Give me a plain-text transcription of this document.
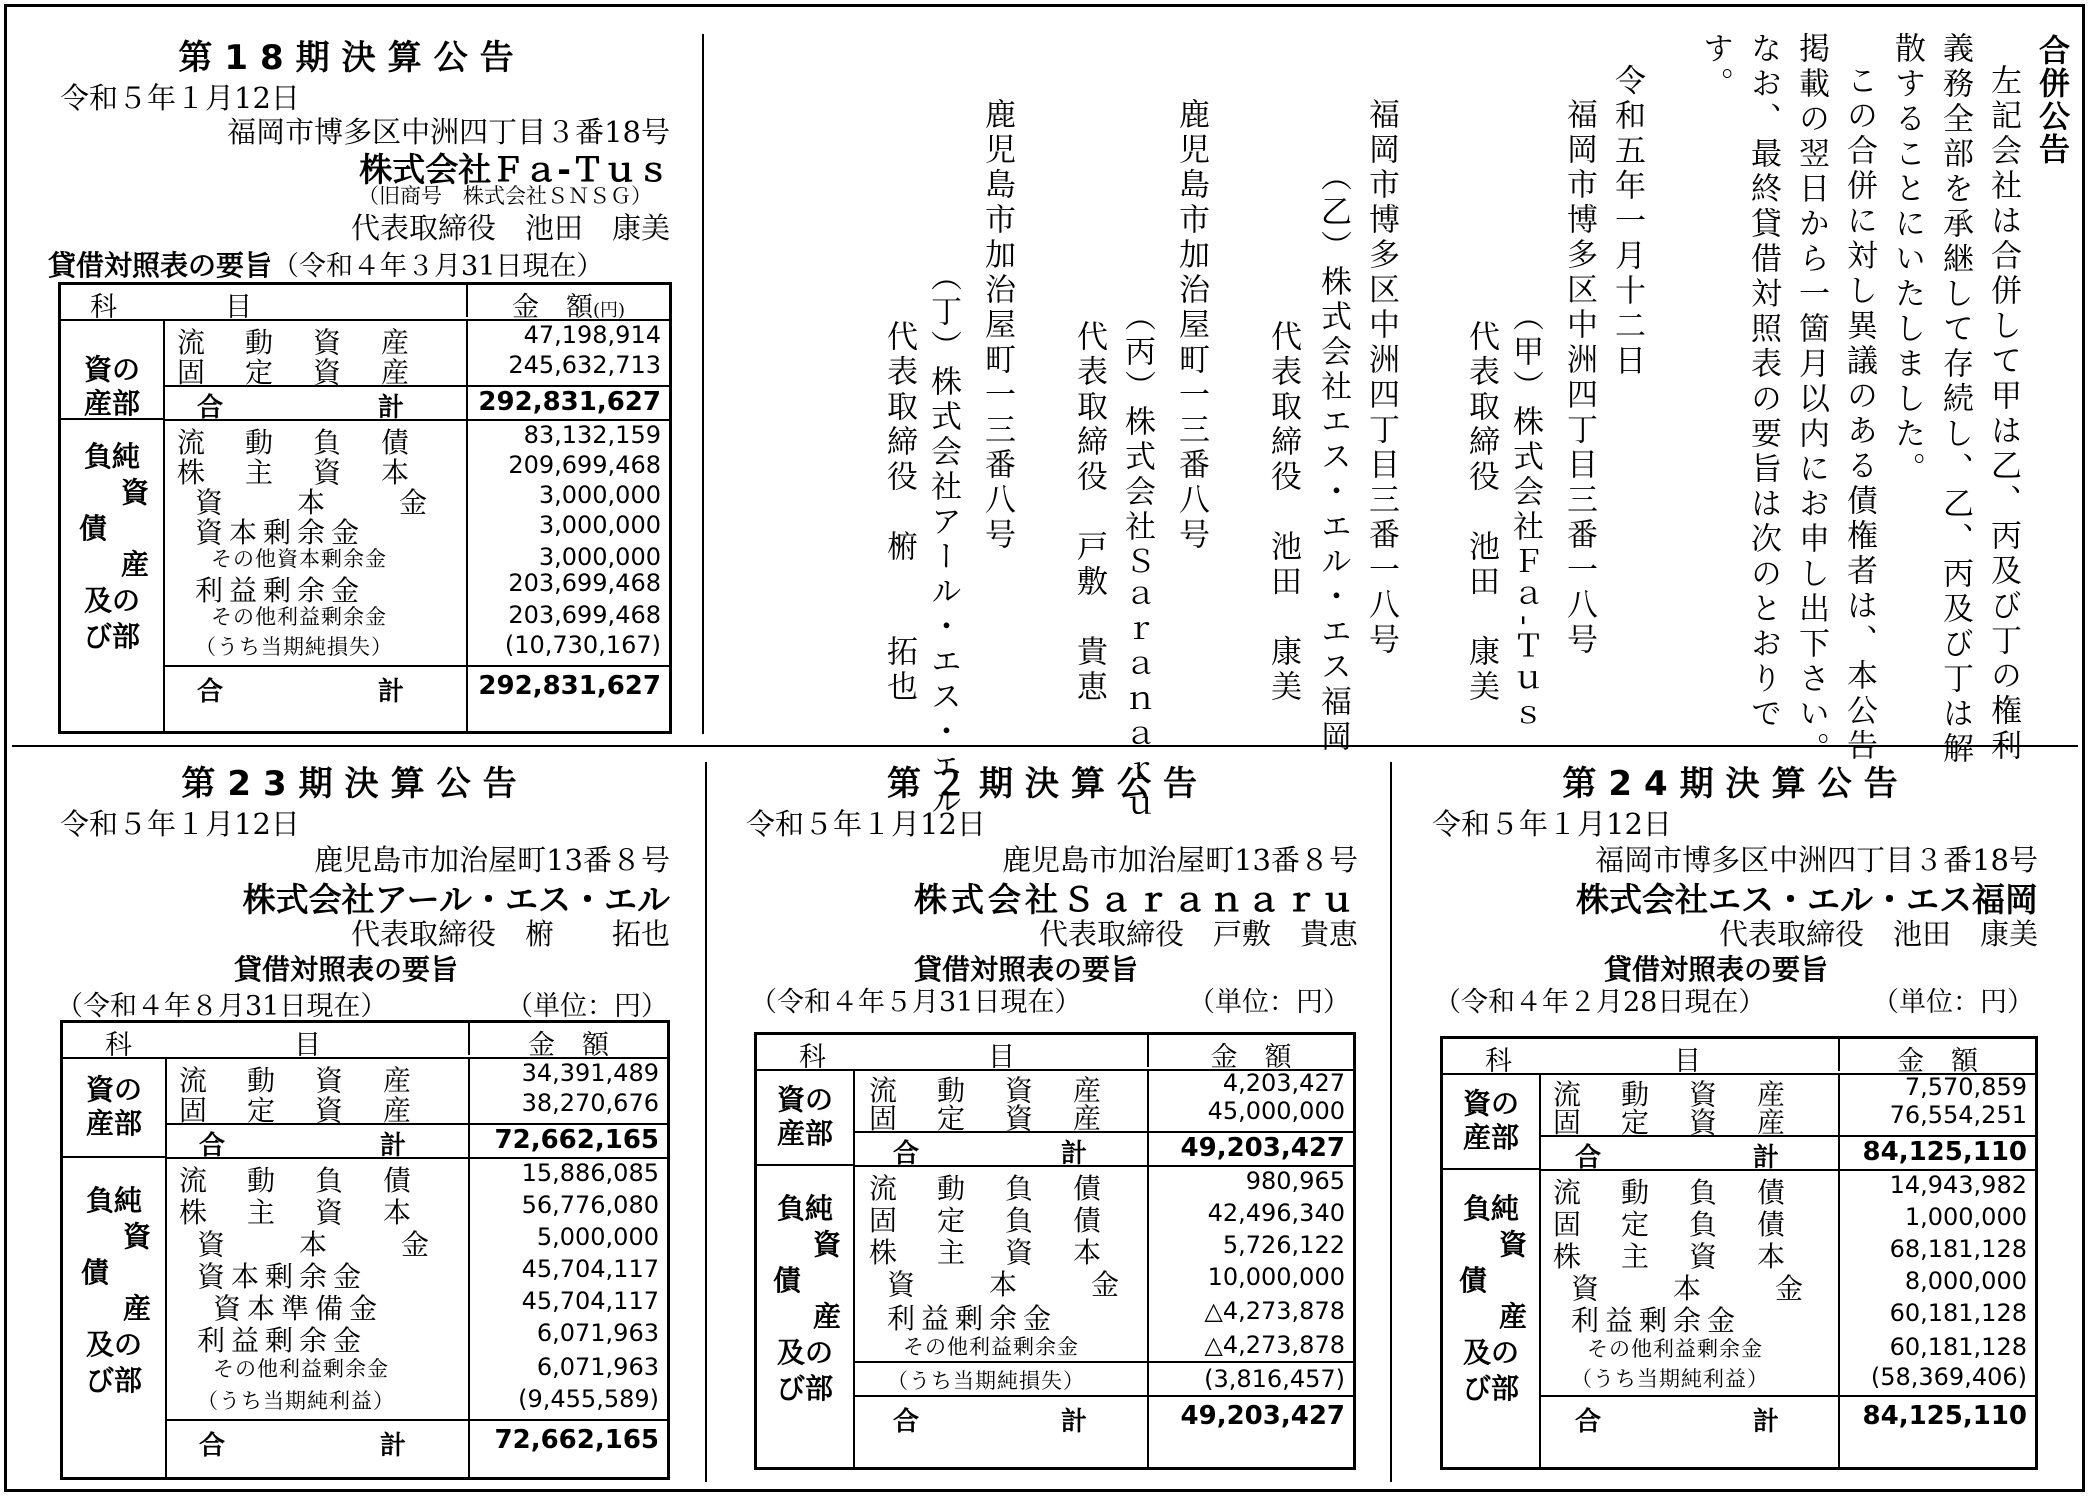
合併公告
左記会社は合併して甲は乙、丙及び丁の権利
義務全部を承継して存続し、乙、丙及び丁は解
散することにいたしました。
この合併に対し異議のある債権者は、本公告
掲載の翌日から一箇月以内にお申し出下さい。
なお、最終貸借対照表の要旨は次のとおりで
す。
令和五年一月十二日
福岡市博多区中洲四丁目三番一八号
（甲）株式会社Ｆａ-Ｔｕｓ
代表取締役　池田　康美
福岡市博多区中洲四丁目三番一八号
（乙）株式会社エス・エル・エス福岡
代表取締役　池田　康美
鹿児島市加治屋町一三番八号
（丙）株式会社Ｓａｒａｎａｒｕ
代表取締役　戸敷　貴恵
鹿児島市加治屋町一三番八号
（丁）株式会社アール・エス・エル
代表取締役　椨　　拓也
第18期決算公告
令和５年１月12日
福岡市博多区中洲四丁目３番18号
株式会社Ｆａ-Ｔｕｓ
（旧商号　株式会社ＳＮＳＧ）
代表取締役　池田　康美
貸借対照表の要旨（令和４年３月31日現在）
科　　　　	目	金　額(円)
資の
産部
流　動　資　産	47,198,914
固　定　資　産	245,632,713
合	計	292,831,627
負純
資
債
産
及の
び部
流　動　負　債	83,132,159
株　主　資　本	209,699,468
資　　本　　金	3,000,000
資本剰余金	3,000,000
その他資本剰余金	3,000,000
利益剰余金	203,699,468
その他利益剰余金	203,699,468
（うち当期純損失）	(10,730,167)
合	計	292,831,627
第23期決算公告
令和５年１月12日
鹿児島市加治屋町13番８号
株式会社アール・エス・エル
代表取締役　椨　　拓也
貸借対照表の要旨
（令和４年８月31日現在）	（単位：円）
科　　　　　　	目	金　額
資の
産部
流　動　資　産	34,391,489
固　定　資　産	38,270,676
合	計	72,662,165
負純
資
債
産
及の
び部
流　動　負　債	15,886,085
株　主　資　本	56,776,080
資　　本　　金	5,000,000
資本剰余金	45,704,117
資本準備金	45,704,117
利益剰余金	6,071,963
その他利益剰余金	6,071,963
（うち当期純利益）	(9,455,589)
合	計	72,662,165
第２期決算公告
令和５年１月12日
鹿児島市加治屋町13番８号
株式会社Ｓａｒａｎａｒｕ
代表取締役　戸敷　貴恵
貸借対照表の要旨
（令和４年５月31日現在）	（単位：円）
科　　　　　　	目	金　額
資の
産部
流　動　資　産	4,203,427
固　定　資　産	45,000,000
合	計	49,203,427
負純
資
債
産
及の
び部
流　動　負　債	980,965
固　定　負　債	42,496,340
株　主　資　本	5,726,122
資　　本　　金	10,000,000
利益剰余金	△4,273,878
その他利益剰余金	△4,273,878
（うち当期純損失）	(3,816,457)
合	計	49,203,427
第24期決算公告
令和５年１月12日
福岡市博多区中洲四丁目３番18号
株式会社エス・エル・エス福岡
代表取締役　池田　康美
貸借対照表の要旨
（令和４年２月28日現在）	（単位：円）
科　　　　　　	目	金　額
資の
産部
流　動　資　産	7,570,859
固　定　資　産	76,554,251
合	計	84,125,110
負純
資
債
産
及の
び部
流　動　負　債	14,943,982
固　定　負　債	1,000,000
株　主　資　本	68,181,128
資　　本　　金	8,000,000
利益剰余金	60,181,128
その他利益剰余金	60,181,128
（うち当期純利益）	(58,369,406)
合	計	84,125,110
